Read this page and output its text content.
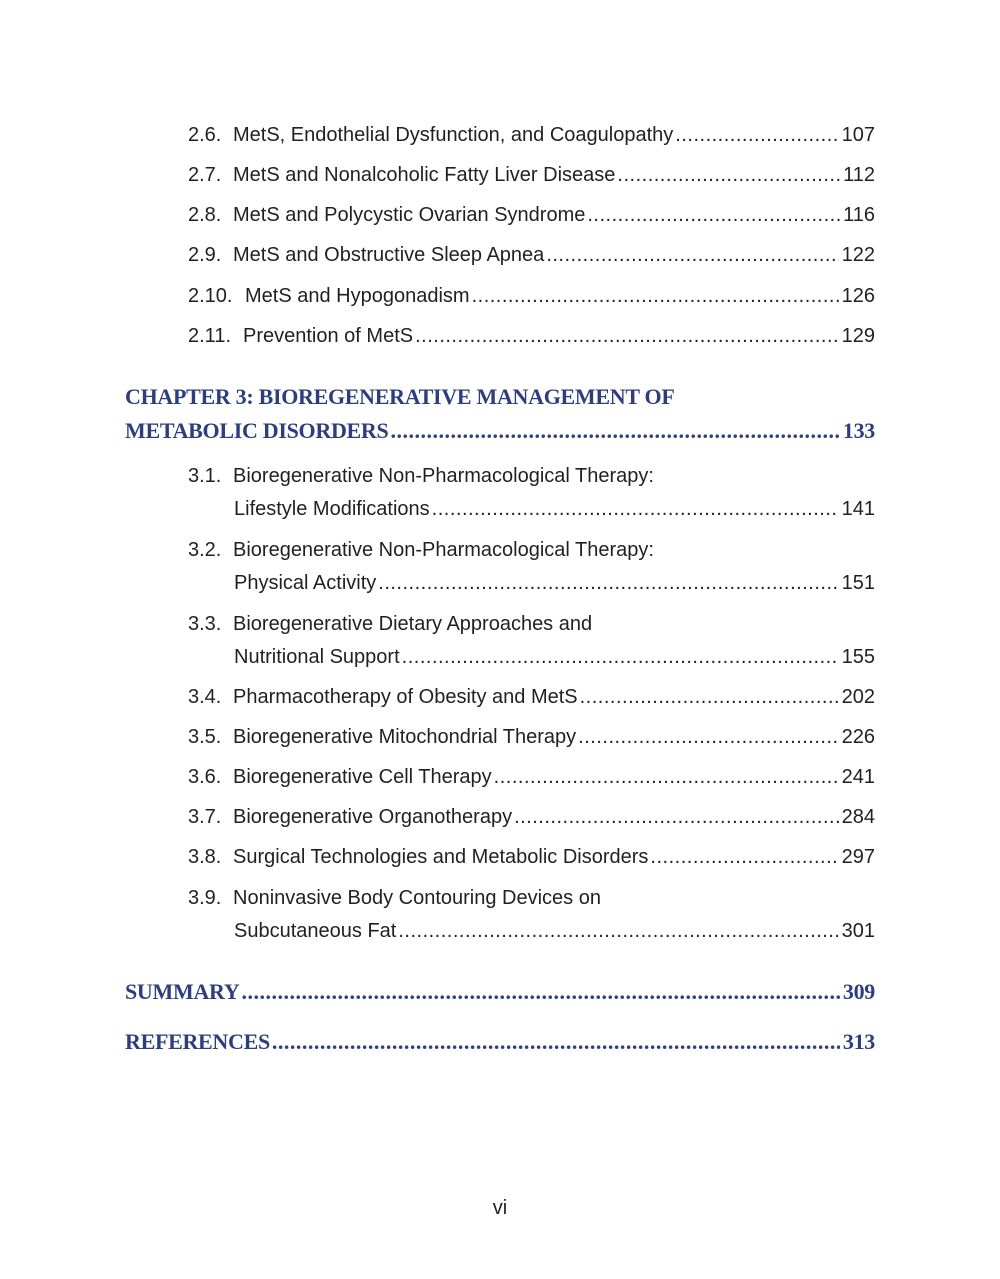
2.6. MetS, Endothelial Dysfunction, and Coagulopathy .....	107
2.7. MetS and Nonalcoholic Fatty Liver Disease .....	112
2.8. MetS and Polycystic Ovarian Syndrome .....	116
2.9. MetS and Obstructive Sleep Apnea .....	122
2.10. MetS and Hypogonadism .....	126
2.11. Prevention of MetS .....	129
CHAPTER 3: BIOREGENERATIVE MANAGEMENT OF
METABOLIC DISORDERS .....	133
3.1. Bioregenerative Non-Pharmacological Therapy:
Lifestyle Modifications .....	141
3.2. Bioregenerative Non-Pharmacological Therapy:
Physical Activity .....	151
3.3. Bioregenerative Dietary Approaches and
Nutritional Support .....	155
3.4. Pharmacotherapy of Obesity and MetS .....	202
3.5. Bioregenerative Mitochondrial Therapy .....	226
3.6. Bioregenerative Cell Therapy .....	241
3.7. Bioregenerative Organotherapy .....	284
3.8. Surgical Technologies and Metabolic Disorders .....	297
3.9. Noninvasive Body Contouring Devices on
Subcutaneous Fat .....	301
SUMMARY .....	309
REFERENCES .....	313
vi
